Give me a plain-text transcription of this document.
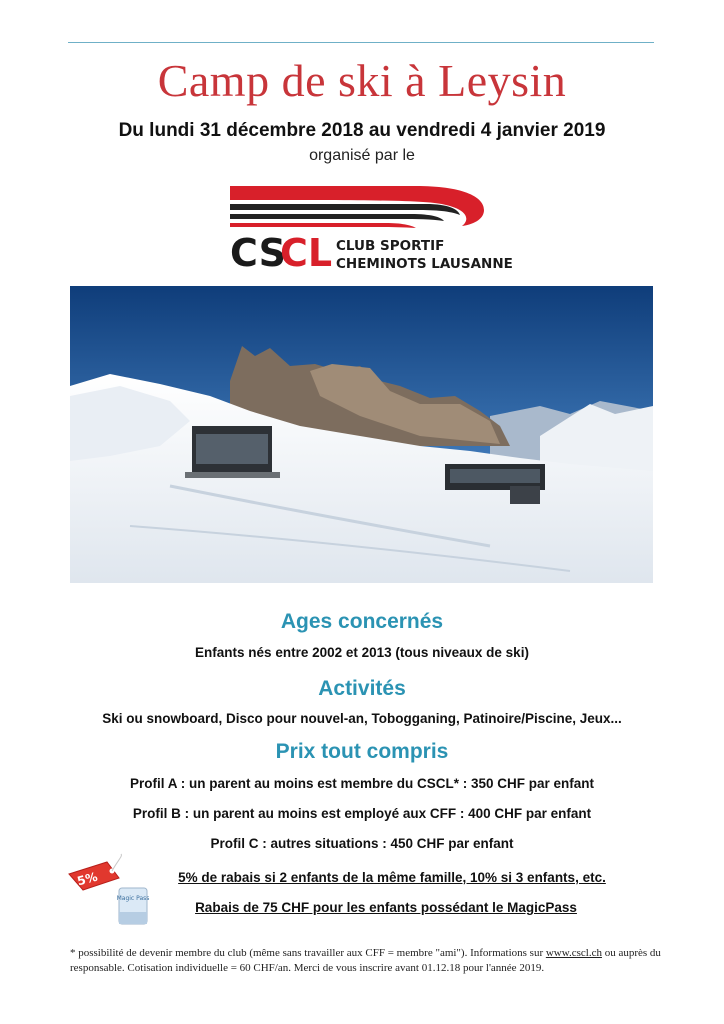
Camp de ski à Leysin
Du lundi 31 décembre 2018 au vendredi 4 janvier 2019
organisé par le
CS
CL CLUB SPORTIF
CHEMINOTS LAUSANNE
Ages concernés
Enfants nés entre 2002 et 2013 (tous niveaux de ski)
Activités
Ski ou snowboard, Disco pour nouvel-an, Tobogganing, Patinoire/Piscine, Jeux...
Prix tout compris
Profil A : un parent au moins est membre du CSCL* : 350 CHF par enfant
Profil B : un parent au moins est employé aux CFF : 400 CHF par enfant
Profil C : autres situations : 450 CHF par enfant
5%	5% de rabais si 2 enfants de la même famille, 10% si 3 enfants, etc.
Magic Pass
Rabais de 75 CHF pour les enfants possédant le MagicPass
* possibilité de devenir membre du club (même sans travailler aux CFF = membre "ami"). Informations sur www.cscl.ch ou auprès du responsable. Cotisation individuelle = 60 CHF/an. Merci de vous inscrire avant 01.12.18 pour l'année 2019.
